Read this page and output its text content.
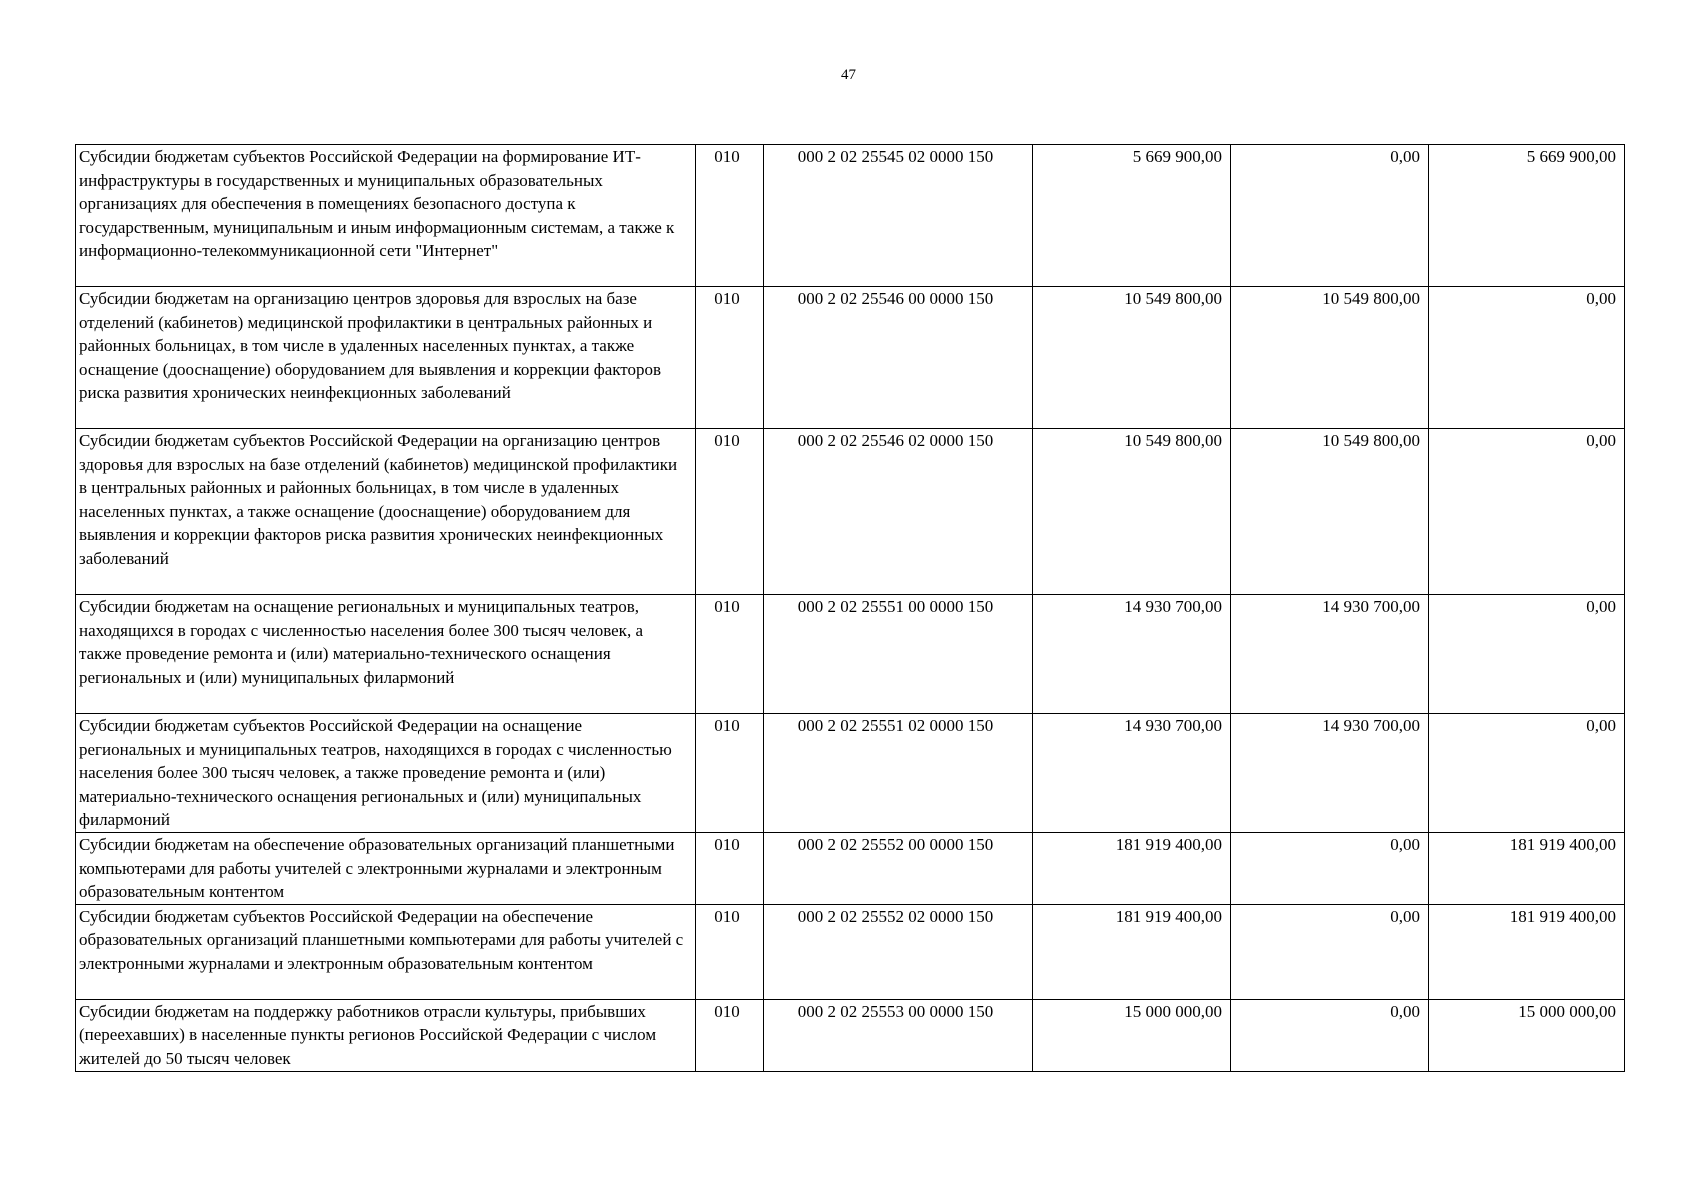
47
Субсидии бюджетам субъектов Российской Федерации на формирование ИТ-инфраструктуры в государственных и муниципальных образовательных организациях для обеспечения в помещениях безопасного доступа к государственным, муниципальным и иным информационным системам, а также к информационно-телекоммуникационной сети "Интернет"	010	000 2 02 25545 02 0000 150	5 669 900,00	0,00	5 669 900,00
Субсидии бюджетам на организацию центров здоровья для взрослых на базе отделений (кабинетов) медицинской профилактики в центральных районных и районных больницах, в том числе в удаленных населенных пунктах, а также оснащение (дооснащение) оборудованием для выявления и коррекции факторов риска развития хронических неинфекционных заболеваний	010	000 2 02 25546 00 0000 150	10 549 800,00	10 549 800,00	0,00
Субсидии бюджетам субъектов Российской Федерации на организацию центров здоровья для взрослых на базе отделений (кабинетов) медицинской профилактики в центральных районных и районных больницах, в том числе в удаленных населенных пунктах, а также оснащение (дооснащение) оборудованием для выявления и коррекции факторов риска развития хронических неинфекционных заболеваний	010	000 2 02 25546 02 0000 150	10 549 800,00	10 549 800,00	0,00
Субсидии бюджетам на оснащение региональных и муниципальных театров, находящихся в городах с численностью населения более 300 тысяч человек, а также проведение ремонта и (или) материально-технического оснащения региональных и (или) муниципальных филармоний	010	000 2 02 25551 00 0000 150	14 930 700,00	14 930 700,00	0,00
Субсидии бюджетам субъектов Российской Федерации на оснащение региональных и муниципальных театров, находящихся в городах с численностью населения более 300 тысяч человек, а также проведение ремонта и (или) материально-технического оснащения региональных и (или) муниципальных филармоний	010	000 2 02 25551 02 0000 150	14 930 700,00	14 930 700,00	0,00
Субсидии бюджетам на обеспечение образовательных организаций планшетными компьютерами для работы учителей с электронными журналами и электронным образовательным контентом	010	000 2 02 25552 00 0000 150	181 919 400,00	0,00	181 919 400,00
Субсидии бюджетам субъектов Российской Федерации на обеспечение образовательных организаций планшетными компьютерами для работы учителей с электронными журналами и электронным образовательным контентом	010	000 2 02 25552 02 0000 150	181 919 400,00	0,00	181 919 400,00
Субсидии бюджетам на поддержку работников отрасли культуры, прибывших (переехавших) в населенные пункты регионов Российской Федерации с числом жителей до 50 тысяч человек	010	000 2 02 25553 00 0000 150	15 000 000,00	0,00	15 000 000,00
